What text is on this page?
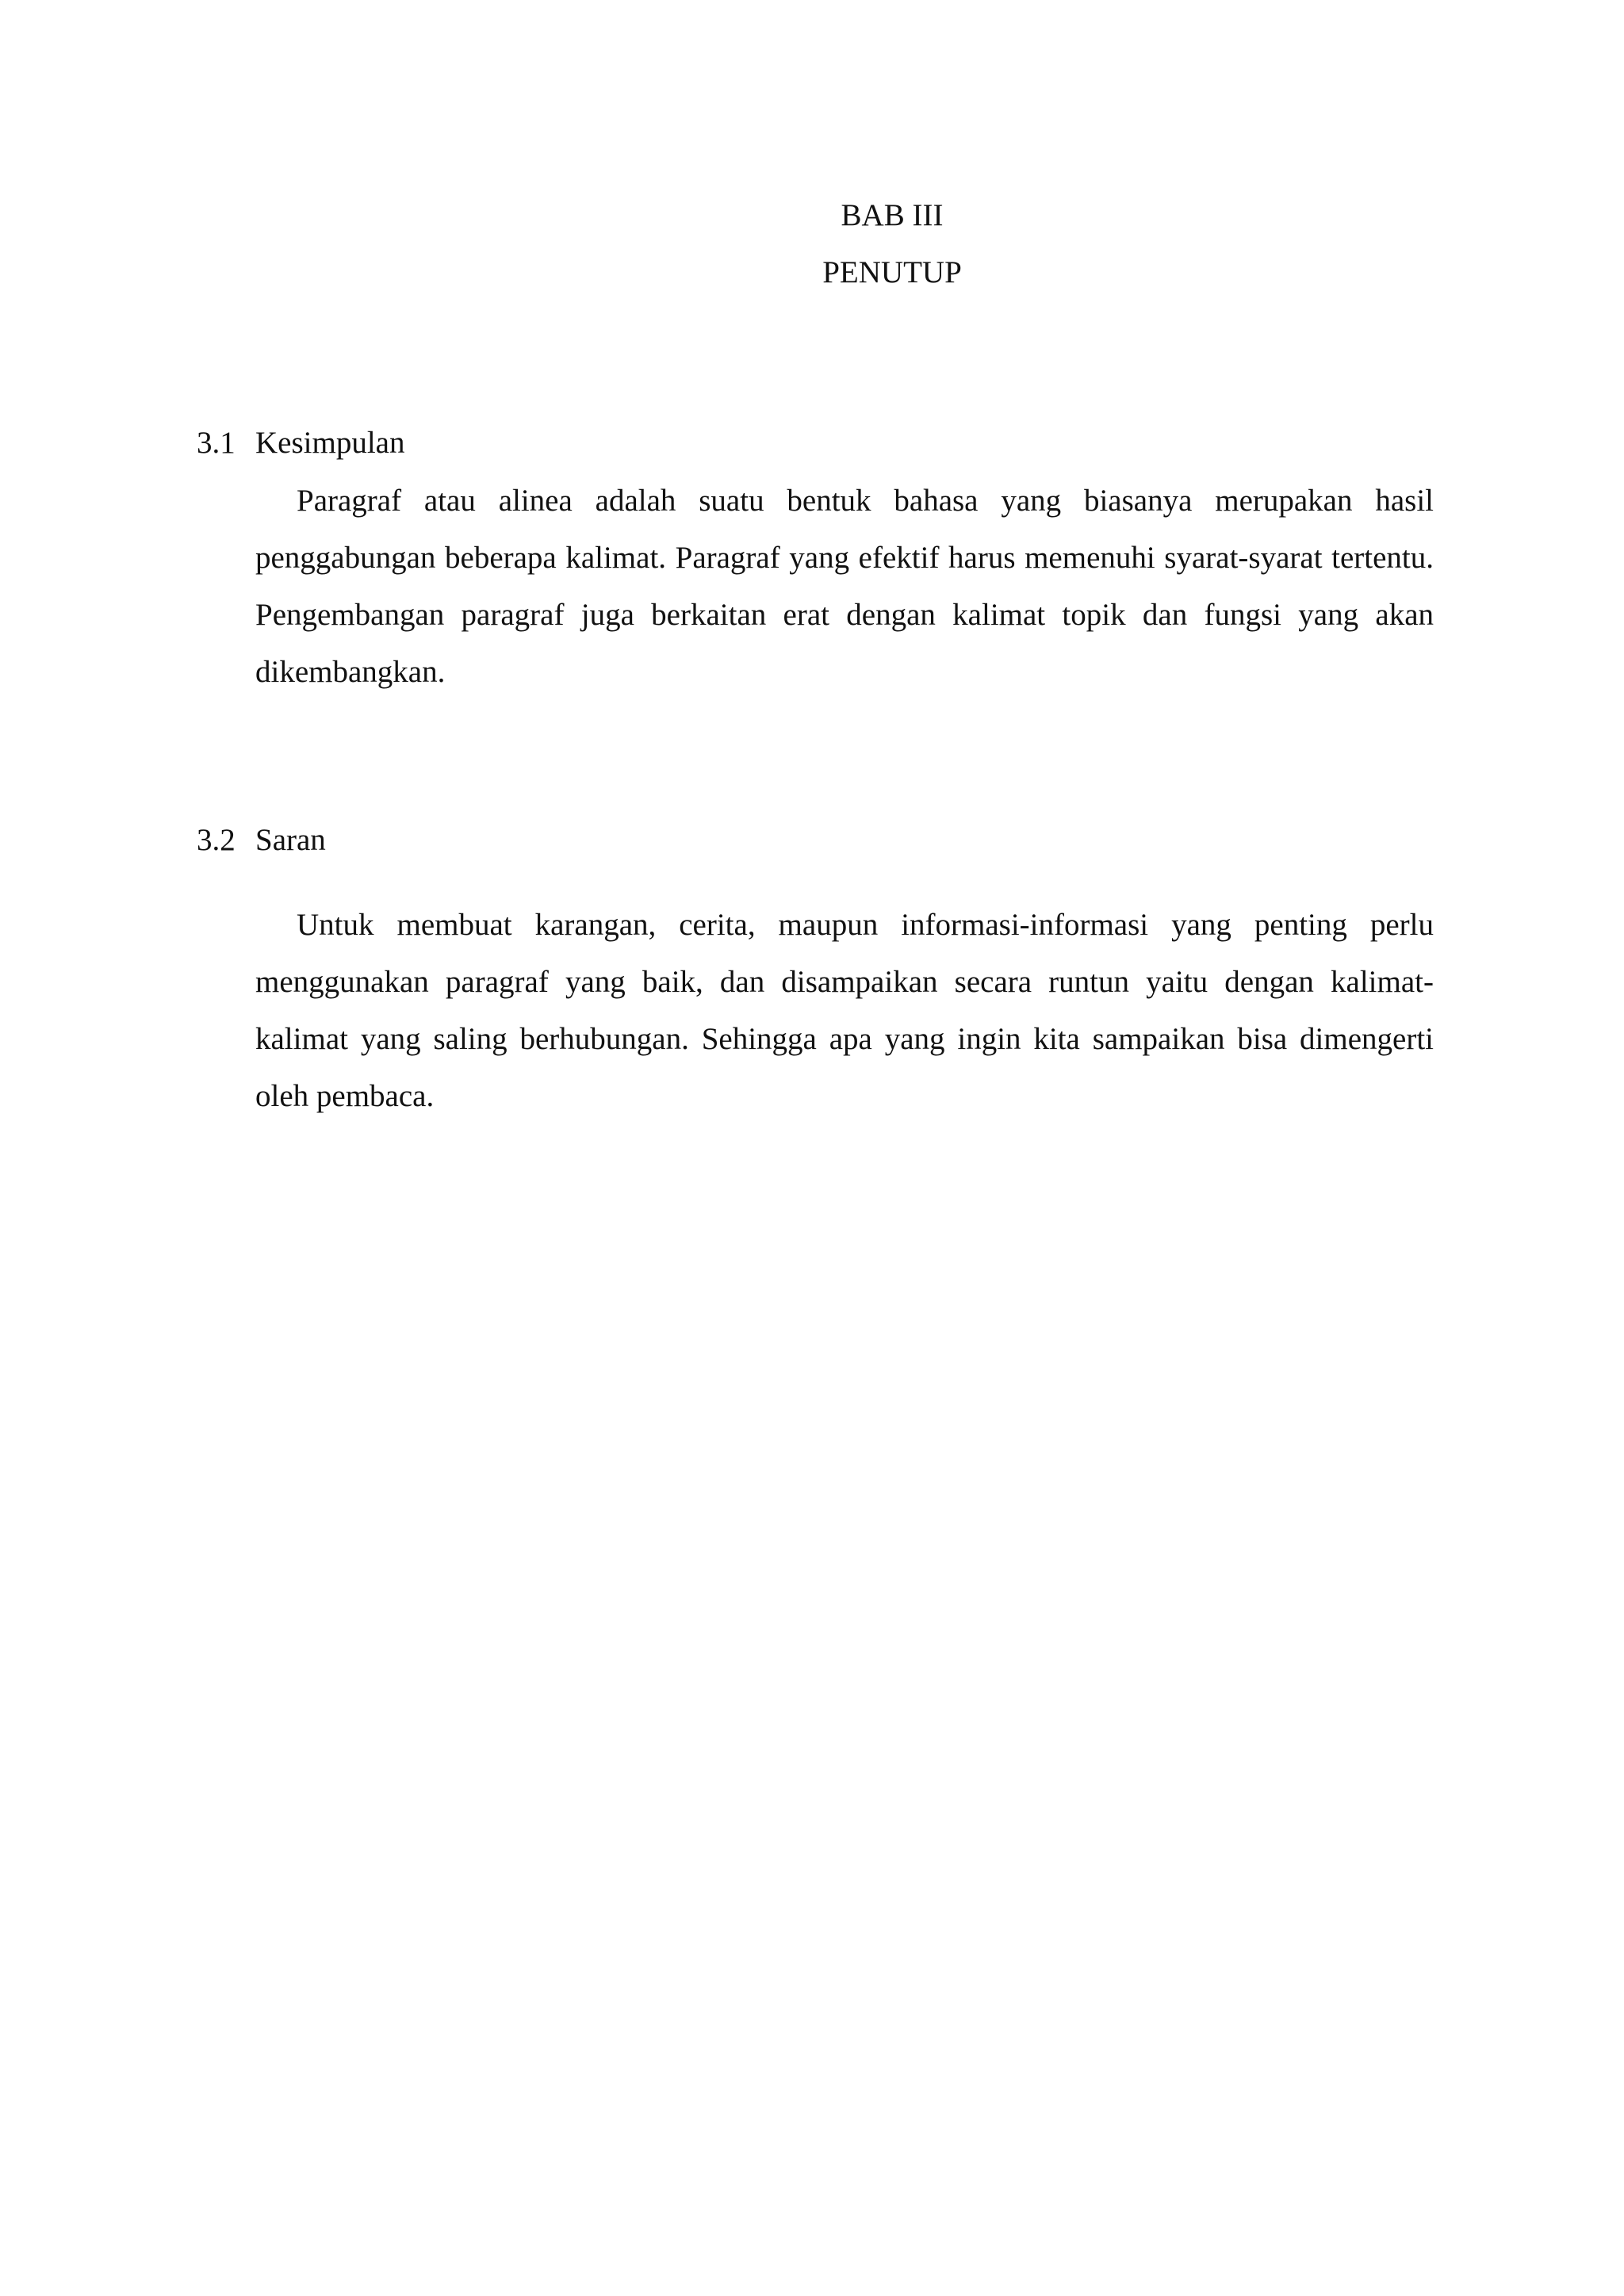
BAB III
PENUTUP
3.1 Kesimpulan

Paragraf atau alinea adalah suatu bentuk bahasa yang biasanya merupakan hasil penggabungan beberapa kalimat. Paragraf yang efektif harus memenuhi syarat-syarat tertentu. Pengembangan paragraf juga berkaitan erat dengan kalimat topik dan fungsi yang akan dikembangkan.

3.2 Saran

Untuk membuat karangan, cerita, maupun informasi-informasi yang penting perlu menggunakan paragraf yang baik, dan disampaikan secara runtun yaitu dengan kalimat-kalimat yang saling berhubungan. Sehingga apa yang ingin kita sampaikan bisa dimengerti oleh pembaca.
